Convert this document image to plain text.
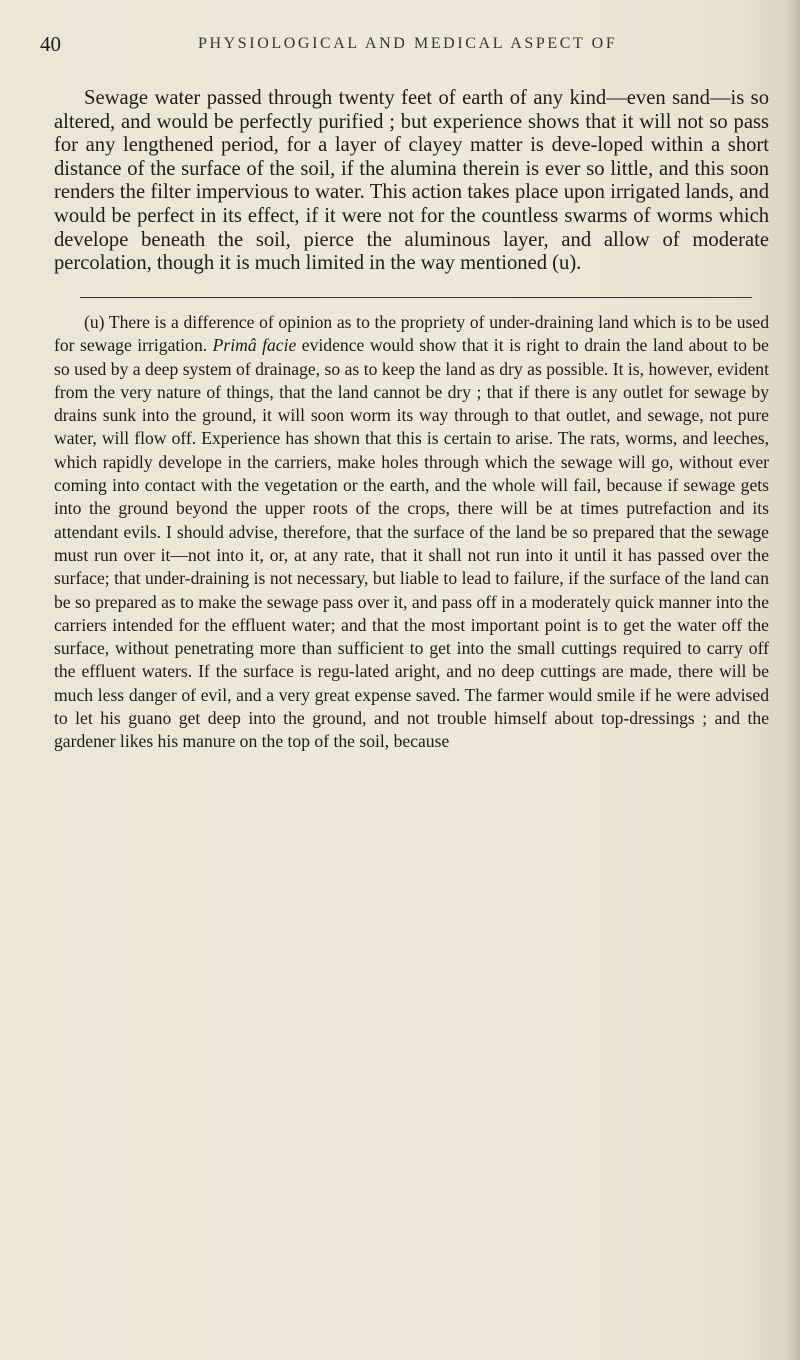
40	PHYSIOLOGICAL AND MEDICAL ASPECT OF

Sewage water passed through twenty feet of earth of any kind—even sand—is so altered, and would be perfectly purified ; but experience shows that it will not so pass for any lengthened period, for a layer of clayey matter is deve-loped within a short distance of the surface of the soil, if the alumina therein is ever so little, and this soon renders the filter impervious to water. This action takes place upon irrigated lands, and would be perfect in its effect, if it were not for the countless swarms of worms which develope beneath the soil, pierce the aluminous layer, and allow of moderate percolation, though it is much limited in the way mentioned (u).

(u) There is a difference of opinion as to the propriety of under-draining land which is to be used for sewage irrigation. Primâ facie evidence would show that it is right to drain the land about to be so used by a deep system of drainage, so as to keep the land as dry as possible. It is, however, evident from the very nature of things, that the land cannot be dry ; that if there is any outlet for sewage by drains sunk into the ground, it will soon worm its way through to that outlet, and sewage, not pure water, will flow off. Experience has shown that this is certain to arise. The rats, worms, and leeches, which rapidly develope in the carriers, make holes through which the sewage will go, without ever coming into contact with the vegetation or the earth, and the whole will fail, because if sewage gets into the ground beyond the upper roots of the crops, there will be at times putrefaction and its attendant evils. I should advise, therefore, that the surface of the land be so prepared that the sewage must run over it—not into it, or, at any rate, that it shall not run into it until it has passed over the surface; that under-draining is not necessary, but liable to lead to failure, if the surface of the land can be so prepared as to make the sewage pass over it, and pass off in a moderately quick manner into the carriers intended for the effluent water; and that the most important point is to get the water off the surface, without penetrating more than sufficient to get into the small cuttings required to carry off the effluent waters. If the surface is regu-lated aright, and no deep cuttings are made, there will be much less danger of evil, and a very great expense saved. The farmer would smile if he were advised to let his guano get deep into the ground, and not trouble himself about top-dressings ; and the gardener likes his manure on the top of the soil, because
